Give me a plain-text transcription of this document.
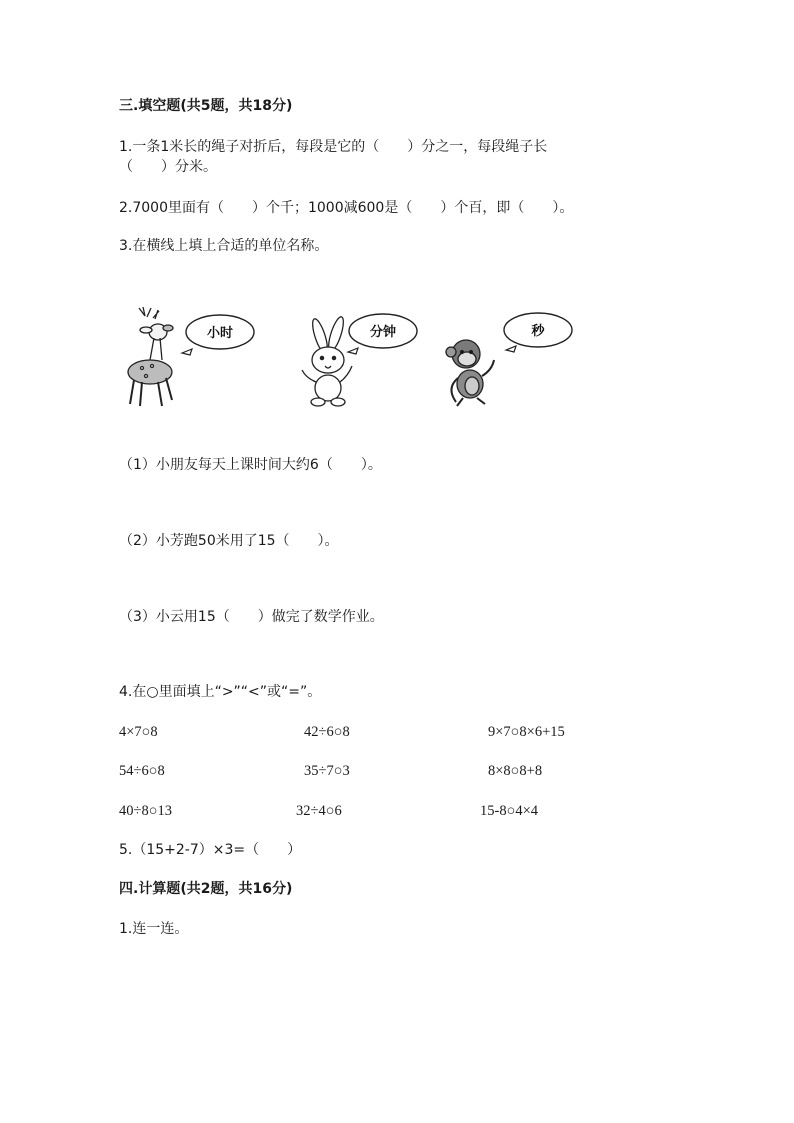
三.填空题(共5题，共18分)
1.一条1米长的绳子对折后，每段是它的（　　）分之一，每段绳子长
（　　）分米。
2.7000里面有（　　）个千；1000减600是（　　）个百，即（　　）。
3.在横线上填上合适的单位名称。
小时	分钟	秒
（1）小朋友每天上课时间大约6（　　）。
（2）小芳跑50米用了15（　　）。
（3）小云用15（　　）做完了数学作业。
4.在○里面填上“>”“<”或“=”。
4×7○8	42÷6○8	9×7○8×6+15
54÷6○8	35÷7○3	8×8○8+8
40÷8○13	32÷4○6	15-8○4×4
5.（15+2-7）×3=（　　）
四.计算题(共2题，共16分)
1.连一连。
